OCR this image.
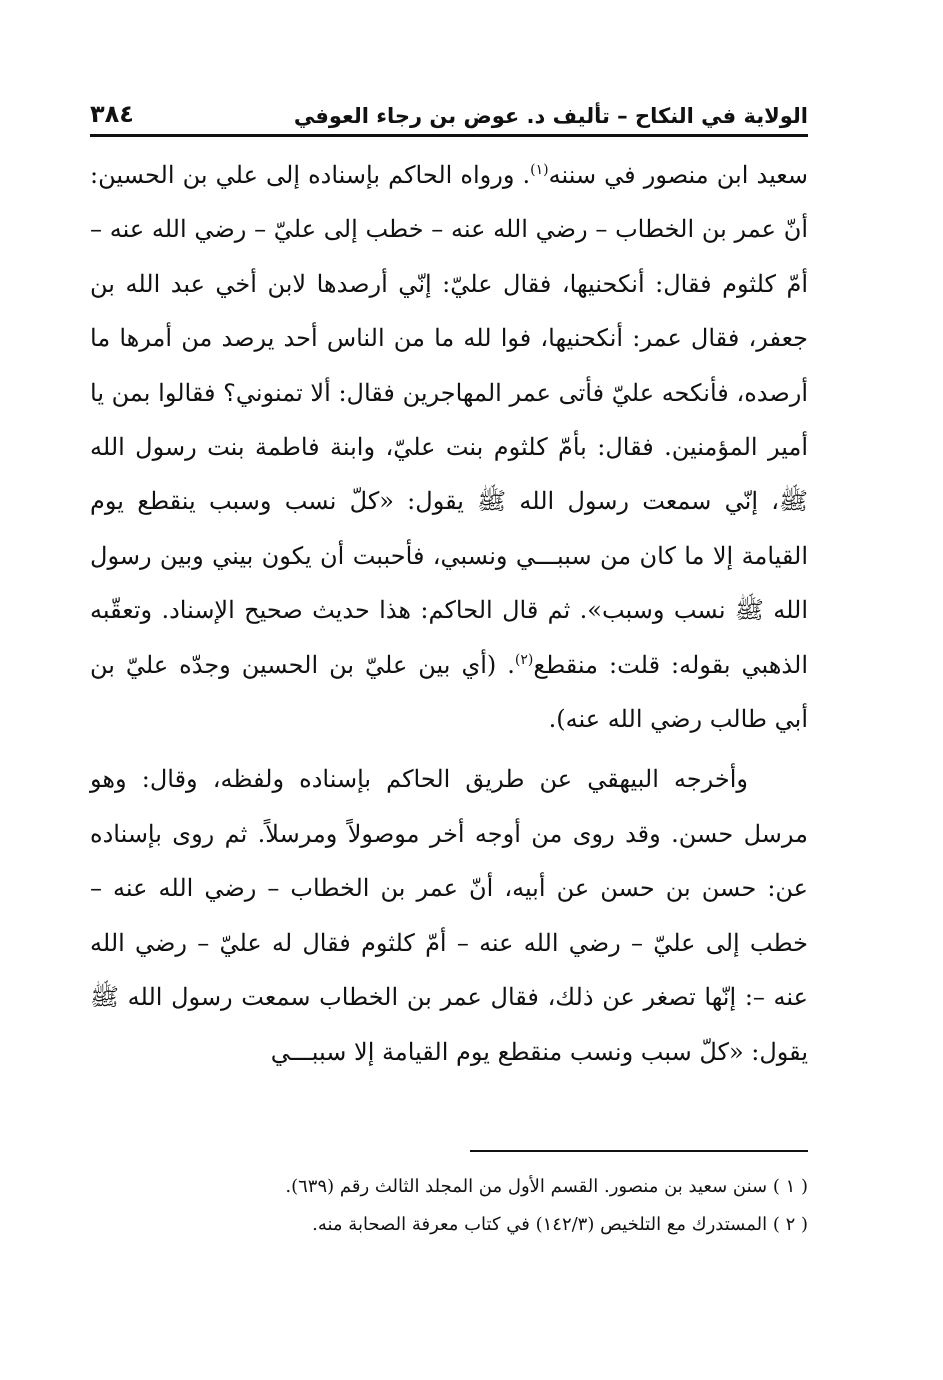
الولاية في النكاح – تأليف د. عوض بن رجاء العوفي
٣٨٤

سعيد ابن منصور في سننه$^{(١)}$. ورواه الحاكم بإسناده إلى علي بن الحسين: أنّ عمر بن الخطاب – رضي الله عنه – خطب إلى عليّ – رضي الله عنه – أمّ كلثوم فقال: أنكحنيها، فقال عليّ: إنّي أرصدها لابن أخي عبد الله بن جعفر، فقال عمر: أنكحنيها، فوا لله ما من الناس أحد يرصد من أمرها ما أرصده، فأنكحه عليّ فأتى عمر المهاجرين فقال: ألا تمنوني؟ فقالوا بمن يا أمير المؤمنين. فقال: بأمّ كلثوم بنت عليّ، وابنة فاطمة بنت رسول الله ﷺ، إنّي سمعت رسول الله ﷺ يقول: «كلّ نسب وسبب ينقطع يوم القيامة إلا ما كان من سببـــي ونسبي، فأحببت أن يكون بيني وبين رسول الله ﷺ نسب وسبب». ثم قال الحاكم: هذا حديث صحيح الإسناد. وتعقّبه الذهبي بقوله: قلت: منقطع$^{(٢)}$. (أي بين عليّ بن الحسين وجدّه عليّ بن أبي طالب رضي الله عنه).

وأخرجه البيهقي عن طريق الحاكم بإسناده ولفظه، وقال: وهو مرسل حسن. وقد روى من أوجه أخر موصولاً ومرسلاً. ثم روى بإسناده عن: حسن بن حسن عن أبيه، أنّ عمر بن الخطاب – رضي الله عنه – خطب إلى عليّ – رضي الله عنه – أمّ كلثوم فقال له عليّ – رضي الله عنه –: إنّها تصغر عن ذلك، فقال عمر بن الخطاب سمعت رسول الله ﷺ يقول: «كلّ سبب ونسب منقطع يوم القيامة إلا سببـــي

( ١ ) سنن سعيد بن منصور. القسم الأول من المجلد الثالث رقم (٦٣٩).

( ٢ ) المستدرك مع التلخيص (١٤٢/٣) في كتاب معرفة الصحابة منه.
